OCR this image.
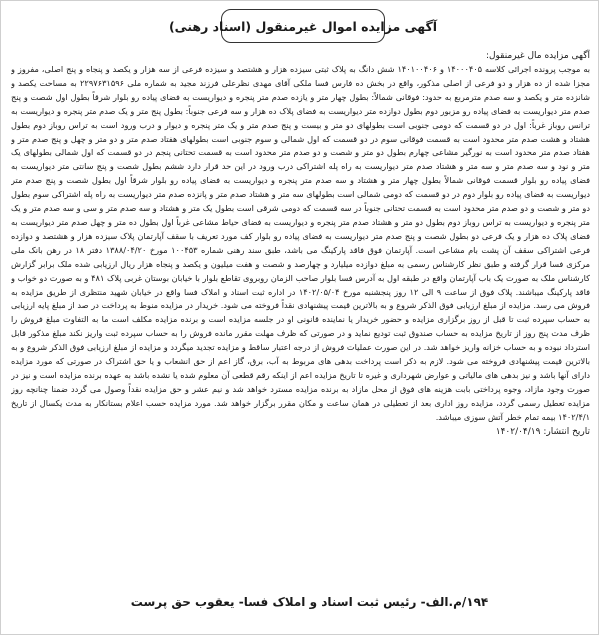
آگهی مزایده اموال غیرمنقول (اسناد رهنی)

آگهی مزایده مال غیرمنقول:

به موجب پرونده اجرائی کلاسه ۱۴۰۰۰۴۰۵ و ۱۴۰۱۰۰۴۰۶ شش دانگ به پلاک ثبتی سیزده هزار و هشتصد و سیزده فرعی از سه هزار و یکصد و پنجاه و پنج اصلی، مفروز و مجزا شده از ده هزار و دو فرعی از اصلی مذکور، واقع در بخش ده فارس فسا ملکی آقای مهدی نظرعلی فرزند مجید به شماره ملی ۲۲۹۷۶۳۱۵۹۶ به مساحت یکصد و شانزده متر و یکصد و سه صدم مترمربع به حدود: فوقانی شمالاً: بطول چهار متر و یازده صدم متر پنجره و دیواریست به فضای پیاده رو بلوار شرقاً بطول اول شصت و پنج صدم متر دیواریست به فضای پیاده رو مزبور دوم بطول دوازده متر دیواریست به فضای پلاک ده هزار و سه فرعی جنوباً: بطول پنج متر و یک صدم متر پنجره و دیواریست به ترانس روباز غرباً: اول در دو قسمت که دومی جنوبی است بطولهای دو متر و بیست و پنج صدم متر و یک متر پنجره و دیوار و درب ورود است به تراس روباز دوم بطول هشتاد و هشت صدم متر محدود است به قسمت فوقانی سوم در دو قسمت که اول شمالی و سوم جنوبی است بطولهای هفتاد صدم متر و دو متر و چهل و پنج صدم متر و هفتاد صدم متر محدود است به نورگیر مشاعی چهارم بطول دو متر و شصت و دو صدم متر محدود است به قسمت تحتانی پنجم در دو قسمت که اول شمالی بطولهای یک متر و نود و سه صدم متر و سه متر و هشتاد صدم متر دیواریست به راه پله اشتراکی درب ورود در این حد قرار دارد ششم بطول شصت و پنج سانتی متر دیواریست به فضای پیاده رو بلوار قسمت فوقانی شمالاً بطول چهار متر و هشتاد و سه صدم متر پنجره و دیواریست به فضای پیاده رو بلوار شرقاً اول بطول شصت و پنج صدم متر دیواریست به فضای پیاده رو بلوار دوم در دو قسمت که دومی شمالی است بطولهای سه متر و هشتاد صدم متر و پانزده صدم متر دیواریست به راه پله اشتراکی سوم بطول دو متر و شصت و دو صدم متر محدود است به قسمت تحتانی جنوباً در سه قسمت که دومی شرقی است بطول یک متر و هشتاد و سه صدم متر و سی و سه صدم متر و یک متر پنجره و دیواریست به تراس روباز دوم بطول دو متر و هشتاد صدم متر پنجره و دیواریست به فضای حیاط مشاعی غرباً اول بطول ده متر و چهل صدم متر دیواریست به فضای پلاک ده هزار و یک فرعی دو بطول شصت و پنج صدم متر دیواریست به فضای پیاده رو بلوار کف مورد تعریف با سقف آپارتمان پلاک سیزده هزار و هشتصد و دوازده فرعی اشتراکی سقف آن پشت بام مشاعی است. آپارتمان فوق فاقد پارکینگ می باشد، طبق سند رهنی شماره ۱۰۰۴۵۳ مورخ ۱۳۸۸/۰۴/۲۰ دفتر ۱۸ در رهن بانک ملی مرکزی فسا قرار گرفته و طبق نظر کارشناس رسمی به مبلغ دوازده میلیارد و چهارصد و شصت و هفت میلیون و یکصد و پنجاه هزار ریال ارزیابی شده ملک برابر گزارش کارشناس ملک به صورت یک باب آپارتمان واقع در طبقه اول به آدرس فسا بلوار صاحب الزمان روبروی تقاطع بلوار با خیابان بوستان غربی پلاک ۴۸۱ و به صورت دو خواب و فاقد پارکینگ میباشند. پلاک فوق از ساعت ۹ الی ۱۲ روز پنجشنبه مورخ ۱۴۰۲/۰۵/۰۴ در اداره ثبت اسناد و املاک فسا واقع در خیابان شهید منتظری از طریق مزایده به فروش می رسد. مزایده از مبلغ ارزیابی فوق الذکر شروع و به بالاترین قیمت پیشنهادی نقداً فروخته می شود. خریدار در مزایده منوط به پرداخت در صد از مبلغ پایه ارزیابی به حساب سپرده ثبت تا قبل از روز برگزاری مزایده و حضور خریدار یا نماینده قانونی او در جلسه مزایده است و برنده مزایده مکلف است ما به التفاوت مبلغ فروش را ظرف مدت پنج روز از تاریخ مزایده به حساب صندوق ثبت تودیع نماید و در صورتی که ظرف مهلت مقرر مانده فروش را به حساب سپرده ثبت واریز نکند مبلغ مذکور قابل استرداد نبوده و به حساب خزانه واریز خواهد شد. در این صورت عملیات فروش از درجه اعتبار ساقط و مزایده تجدید میگردد و مزایده از مبلغ ارزیابی فوق الذکر شروع و به بالاترین قیمت پیشنهادی فروخته می شود. لازم به ذکر است پرداخت بدهی های مربوط به آب، برق، گاز اعم از حق انشعاب و یا حق اشتراک در صورتی که مورد مزایده دارای آنها باشد و نیز بدهی های مالیاتی و عوارض شهرداری و غیره تا تاریخ مزایده اعم از اینکه رقم قطعی آن معلوم شده یا نشده باشد به عهده برنده مزایده است و نیز در صورت وجود مازاد، وجوه پرداختی بابت هزینه های فوق از محل مازاد به برنده مزایده مسترد خواهد شد و نیم عشر و حق مزایده نقداً وصول می گردد ضمنا چنانچه روز مزایده تعطیل رسمی گردد، مزایده روز اداری بعد از تعطیلی در همان ساعت و مکان مقرر برگزار خواهد شد. مورد مزایده حسب اعلام بستانکار به مدت یکسال از تاریخ ۱۴۰۲/۴/۱ بیمه تمام خطر آتش سوزی میباشد.

تاریخ انتشار: ۱۴۰۲/۰۴/۱۹

۱۹۴/م.الف- رئیس ثبت اسناد و املاک فسا- یعقوب حق پرست
